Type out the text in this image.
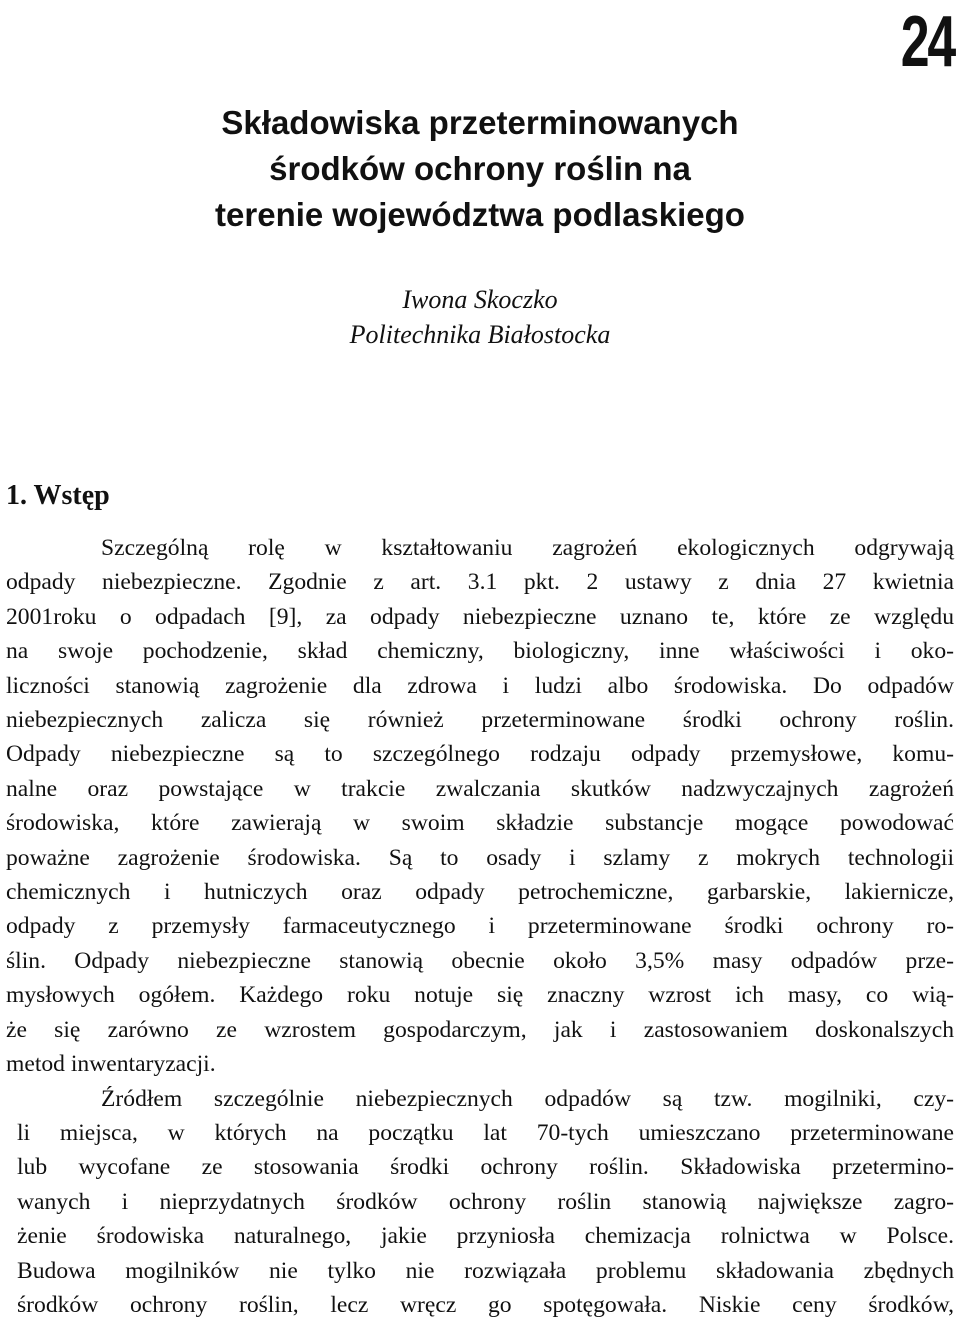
24
Składowiska przeterminowanych
środków ochrony roślin na
terenie województwa podlaskiego
Iwona Skoczko
Politechnika Białostocka
1. Wstęp
Szczególną rolę w kształtowaniu zagrożeń ekologicznych odgrywają
odpady niebezpieczne. Zgodnie z art. 3.1 pkt. 2 ustawy z dnia 27 kwietnia
2001roku o odpadach [9], za odpady niebezpieczne uznano te, które ze względu
na swoje pochodzenie, skład chemiczny, biologiczny, inne właściwości i oko-
liczności stanowią zagrożenie dla zdrowa i ludzi albo środowiska. Do odpadów
niebezpiecznych zalicza się również przeterminowane środki ochrony roślin.
Odpady niebezpieczne są to szczególnego rodzaju odpady przemysłowe, komu-
nalne oraz powstające w trakcie zwalczania skutków nadzwyczajnych zagrożeń
środowiska, które zawierają w swoim składzie substancje mogące powodować
poważne zagrożenie środowiska. Są to osady i szlamy z mokrych technologii
chemicznych i hutniczych oraz odpady petrochemiczne, garbarskie, lakiernicze,
odpady z przemysły farmaceutycznego i przeterminowane środki ochrony ro-
ślin. Odpady niebezpieczne stanowią obecnie około 3,5% masy odpadów prze-
mysłowych ogółem. Każdego roku notuje się znaczny wzrost ich masy, co wią-
że się zarówno ze wzrostem gospodarczym, jak i zastosowaniem doskonalszych
metod inwentaryzacji.
Źródłem szczególnie niebezpiecznych odpadów są tzw. mogilniki, czy-
li miejsca, w których na początku lat 70-tych umieszczano przeterminowane
lub wycofane ze stosowania środki ochrony roślin. Składowiska przetermino-
wanych i nieprzydatnych środków ochrony roślin stanowią największe zagro-
żenie środowiska naturalnego, jakie przyniosła chemizacja rolnictwa w Polsce.
Budowa mogilników nie tylko nie rozwiązała problemu składowania zbędnych
środków ochrony roślin, lecz wręcz go spotęgowała. Niskie ceny środków,
